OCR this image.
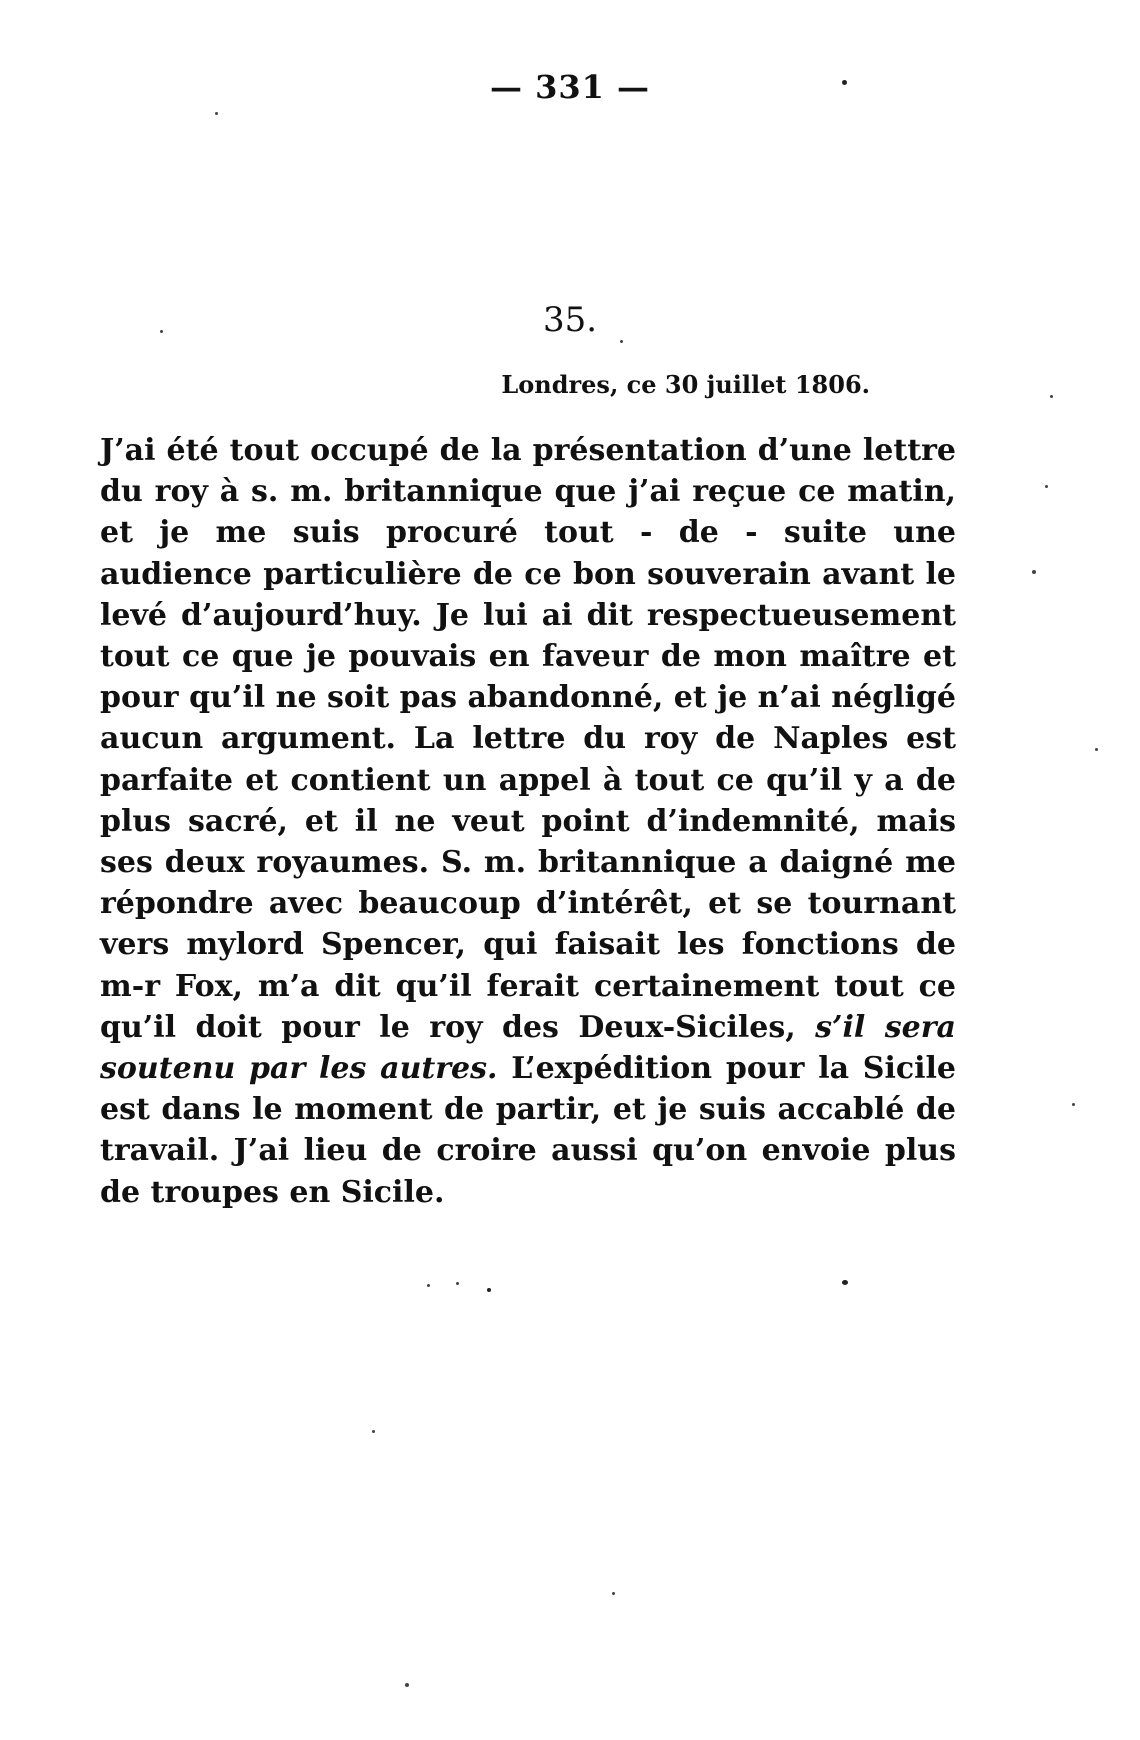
— 331 —
35.
Londres, ce 30 juillet 1806.

J’ai été tout occupé de la présentation d’une lettre du roy à s. m. britannique que j’ai reçue ce matin, et je me suis procuré tout - de - suite une audience particulière de ce bon souverain avant le levé d’aujourd’huy. Je lui ai dit respectueusement tout ce que je pouvais en faveur de mon maître et pour qu’il ne soit pas abandonné, et je n’ai négligé aucun argument. La lettre du roy de Naples est parfaite et contient un appel à tout ce qu’il y a de plus sacré, et il ne veut point d’indemnité, mais ses deux royaumes. S. m. britannique a daigné me répondre avec beaucoup d’intérêt, et se tournant vers mylord Spencer, qui faisait les fonctions de m-r Fox, m’a dit qu’il ferait certainement tout ce qu’il doit pour le roy des Deux-Siciles, s’il sera soutenu par les autres. L’expédition pour la Sicile est dans le moment de partir, et je suis accablé de travail. J’ai lieu de croire aussi qu’on envoie plus de troupes en Sicile.
